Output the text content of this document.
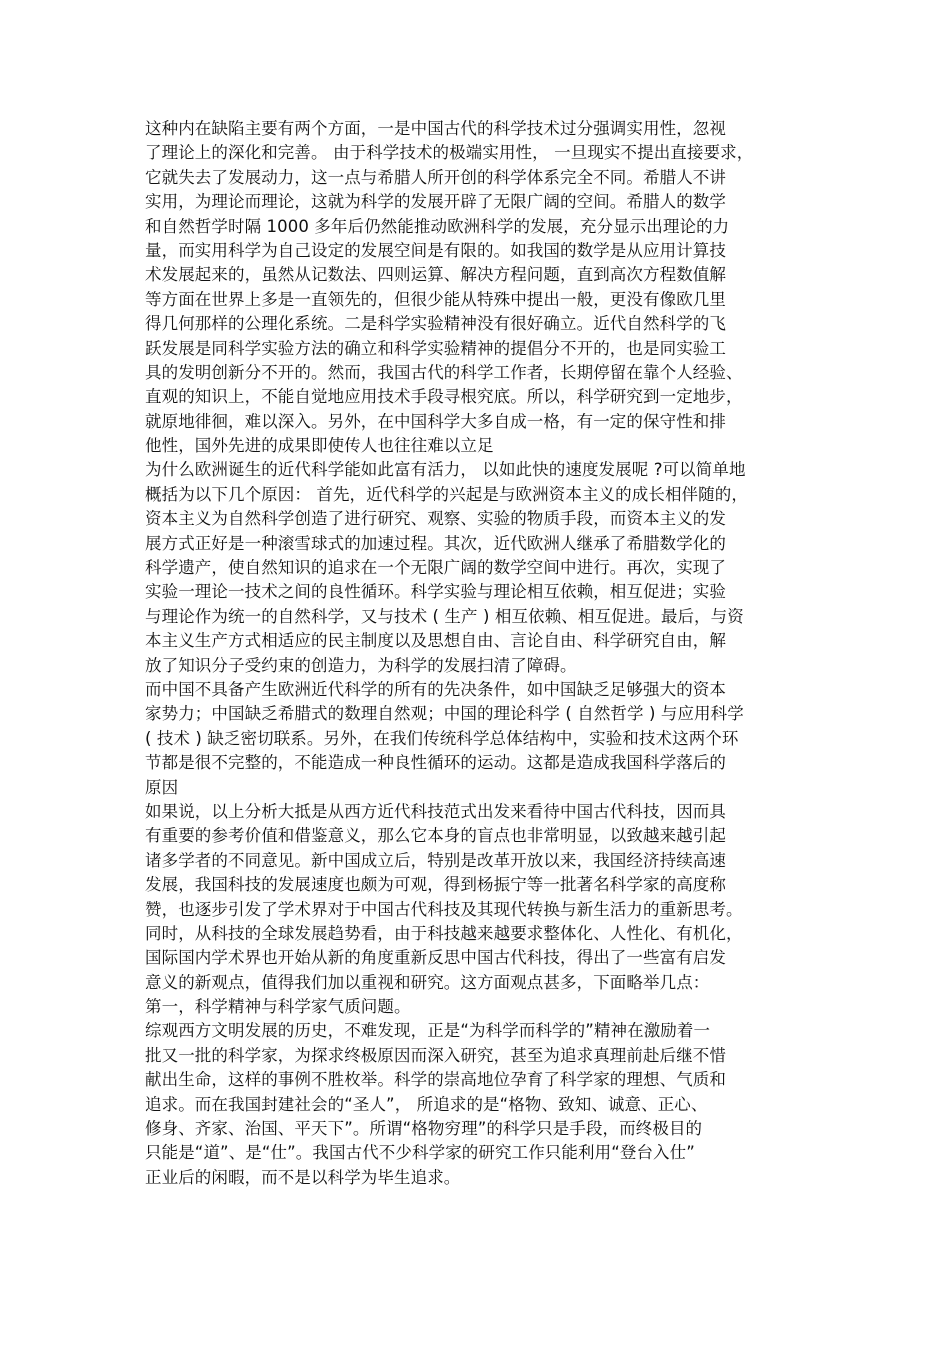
这种内在缺陷主要有两个方面，一是中国古代的科学技术过分强调实用性，忽视
了理论上的深化和完善。 由于科学技术的极端实用性， 一旦现实不提出直接要求，
它就失去了发展动力，这一点与希腊人所开创的科学体系完全不同。希腊人不讲
实用，为理论而理论，这就为科学的发展开辟了无限广阔的空间。希腊人的数学
和自然哲学时隔 1000 多年后仍然能推动欧洲科学的发展，充分显示出理论的力
量，而实用科学为自己设定的发展空间是有限的。如我国的数学是从应用计算技
术发展起来的，虽然从记数法、四则运算、解决方程问题，直到高次方程数值解
等方面在世界上多是一直领先的，但很少能从特殊中提出一般，更没有像欧几里
得几何那样的公理化系统。二是科学实验精神没有很好确立。近代自然科学的飞
跃发展是同科学实验方法的确立和科学实验精神的提倡分不开的，也是同实验工
具的发明创新分不开的。然而，我国古代的科学工作者，长期停留在靠个人经验、
直观的知识上，不能自觉地应用技术手段寻根究底。所以，科学研究到一定地步，
就原地徘徊，难以深入。另外，在中国科学大多自成一格，有一定的保守性和排
他性，国外先进的成果即使传人也往往难以立足
为什么欧洲诞生的近代科学能如此富有活力， 以如此快的速度发展呢 ?可以简单地
概括为以下几个原因： 首先，近代科学的兴起是与欧洲资本主义的成长相伴随的，
资本主义为自然科学创造了进行研究、观察、实验的物质手段，而资本主义的发
展方式正好是一种滚雪球式的加速过程。其次，近代欧洲人继承了希腊数学化的
科学遗产，使自然知识的追求在一个无限广阔的数学空间中进行。再次，实现了
实验一理论一技术之间的良性循环。科学实验与理论相互依赖，相互促进；实验
与理论作为统一的自然科学，又与技术 ( 生产 ) 相互依赖、相互促进。最后，与资
本主义生产方式相适应的民主制度以及思想自由、言论自由、科学研究自由，解
放了知识分子受约束的创造力，为科学的发展扫清了障碍。
而中国不具备产生欧洲近代科学的所有的先决条件，如中国缺乏足够强大的资本
家势力；中国缺乏希腊式的数理自然观；中国的理论科学 ( 自然哲学 ) 与应用科学
( 技术 ) 缺乏密切联系。另外，在我们传统科学总体结构中，实验和技术这两个环
节都是很不完整的，不能造成一种良性循环的运动。这都是造成我国科学落后的
原因
如果说，以上分析大抵是从西方近代科技范式出发来看待中国古代科技，因而具
有重要的参考价值和借鉴意义，那么它本身的盲点也非常明显，以致越来越引起
诸多学者的不同意见。新中国成立后，特别是改革开放以来，我国经济持续高速
发展，我国科技的发展速度也颇为可观，得到杨振宁等一批著名科学家的高度称
赞，也逐步引发了学术界对于中国古代科技及其现代转换与新生活力的重新思考。
同时，从科技的全球发展趋势看，由于科技越来越要求整体化、人性化、有机化，
国际国内学术界也开始从新的角度重新反思中国古代科技，得出了一些富有启发
意义的新观点，值得我们加以重视和研究。这方面观点甚多，下面略举几点：
第一，科学精神与科学家气质问题。
综观西方文明发展的历史，不难发现，正是“为科学而科学的”精神在激励着一
批又一批的科学家，为探求终极原因而深入研究，甚至为追求真理前赴后继不惜
献出生命，这样的事例不胜枚举。科学的崇高地位孕育了科学家的理想、气质和
追求。而在我国封建社会的“圣人”， 所追求的是“格物、致知、诚意、正心、
修身、齐家、治国、平天下”。所谓“格物穷理”的科学只是手段，而终极目的
只能是“道”、是“仕”。我国古代不少科学家的研究工作只能利用“登台入仕”
正业后的闲暇，而不是以科学为毕生追求。
